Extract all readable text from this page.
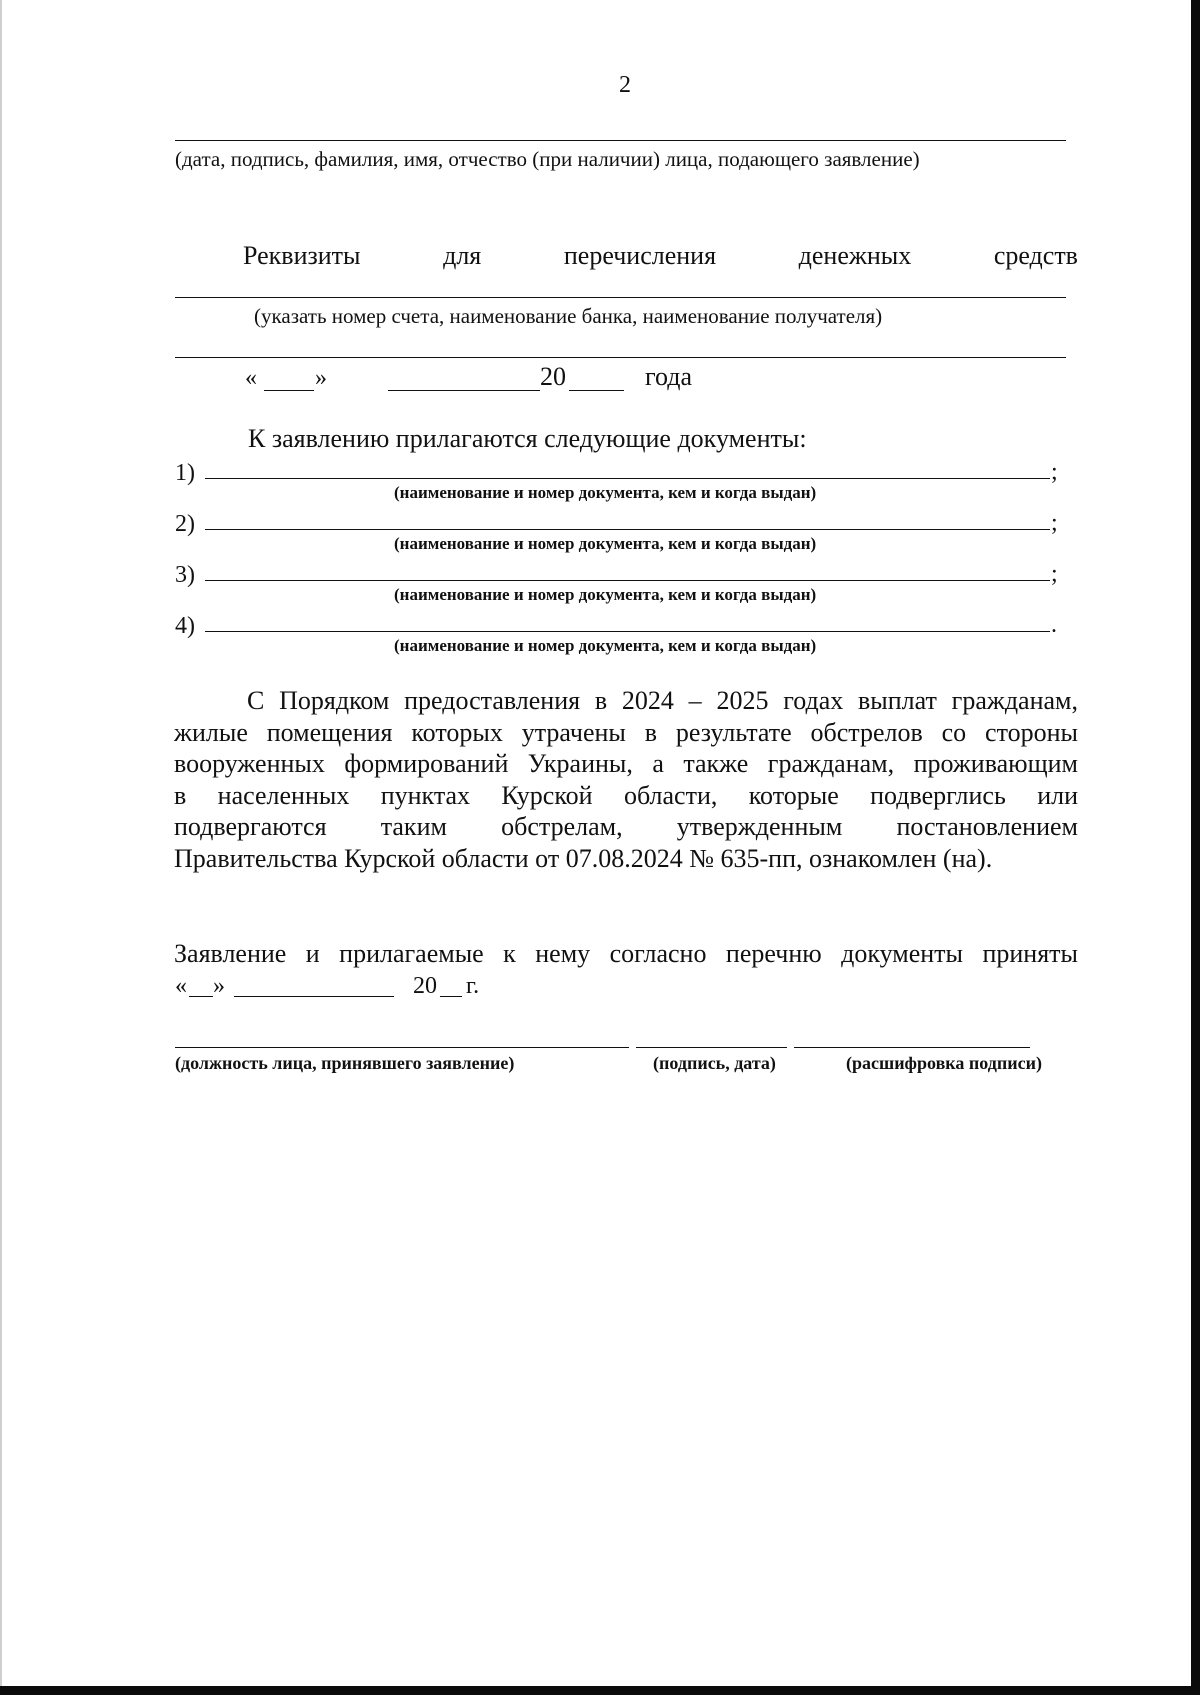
2
(дата, подпись, фамилия, имя, отчество (при наличии) лица, подающего заявление)
Реквизиты	для	перечисления	денежных	средств
(указать номер счета, наименование банка, наименование получателя)
« »	20	года
К заявлению прилагаются следующие документы:
1)	;
(наименование и номер документа, кем и когда выдан)
2)	;
(наименование и номер документа, кем и когда выдан)
3)	;
(наименование и номер документа, кем и когда выдан)
4)	.
(наименование и номер документа, кем и когда выдан)
С Порядком предоставления в 2024 – 2025 годах выплат гражданам,
жилые помещения которых утрачены в результате обстрелов со стороны
вооруженных формирований Украины, а также гражданам, проживающим
в населенных пунктах Курской области, которые подверглись или
подвергаются таким обстрелам, утвержденным постановлением
Правительства Курской области от 07.08.2024 № 635-пп, ознакомлен (на).
Заявление и прилагаемые к нему согласно перечню документы приняты
« »	20 г.
(должность лица, принявшего заявление)	(подпись, дата)	(расшифровка подписи)
